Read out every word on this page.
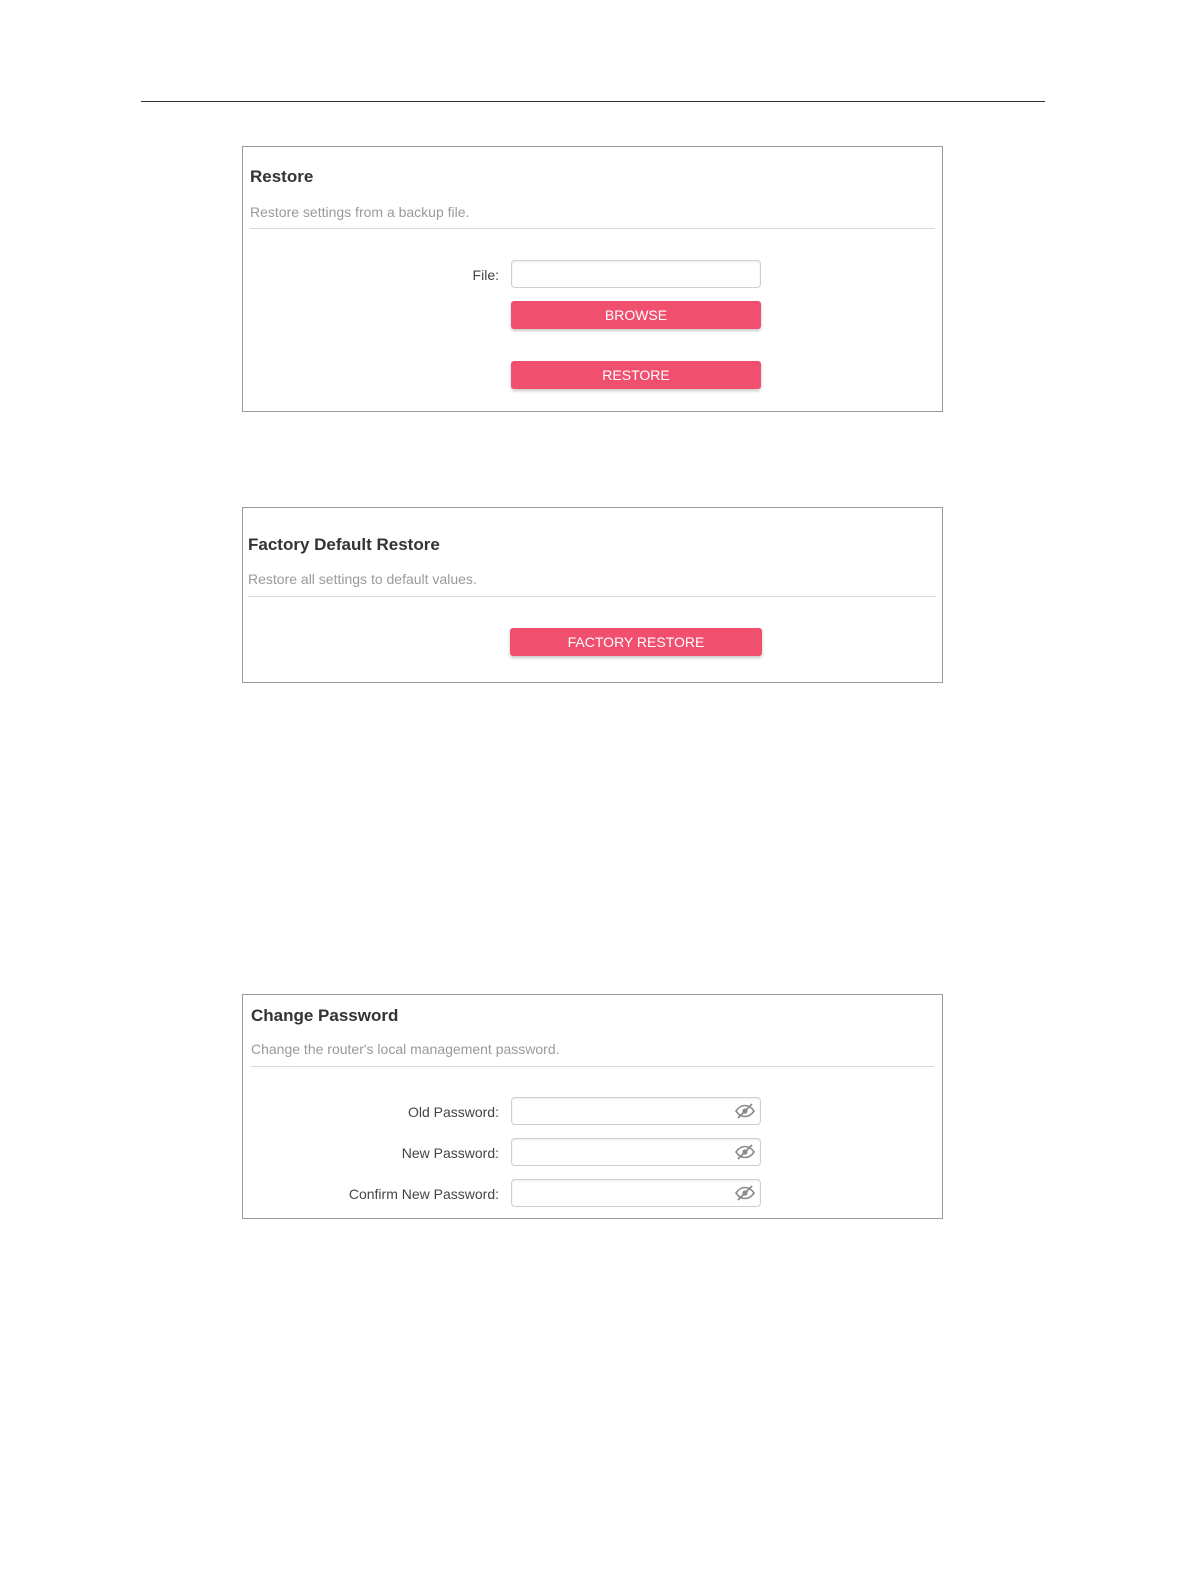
Restore
Restore settings from a backup file.
File:
BROWSE
RESTORE
Factory Default Restore
Restore all settings to default values.
FACTORY RESTORE
Change Password
Change the router's local management password.
Old Password:
New Password:
Confirm New Password:
